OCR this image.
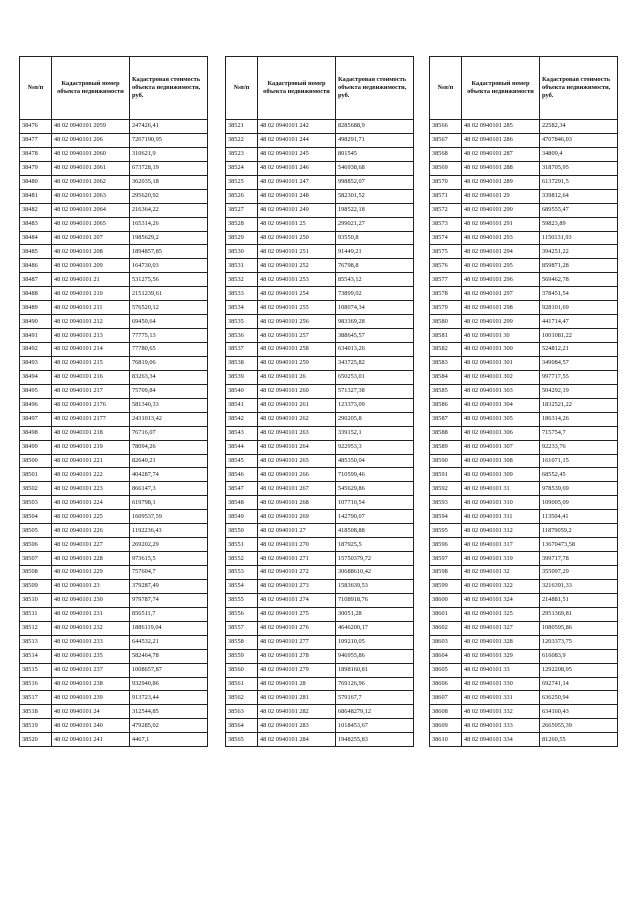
№п/п	Кадастровый номер объекта недвижимости	Кадастровая стоимость объекта недвижимости, руб.
38476	48 02 0940101 2059	247426,41
38477	48 02 0940101 206	7207190,95
38478	48 02 0940101 2060	310621,9
38479	48 02 0940101 2061	673728,19
38480	48 02 0940101 2062	362035,18
38481	48 02 0940101 2063	295620,92
38482	48 02 0940101 2064	216364,22
38483	48 02 0940101 2065	165314,26
38484	48 02 0940101 207	1985629,2
38485	48 02 0940101 208	1894857,85
38486	48 02 0940101 209	164730,03
38487	48 02 0940101 21	531275,56
38488	48 02 0940101 210	2151239,61
38489	48 02 0940101 211	576520,12
38490	48 02 0940101 212	69450,64
38491	48 02 0940101 213	77775,13
38492	48 02 0940101 214	77780,65
38493	48 02 0940101 215	76819,06
38494	48 02 0940101 216	83263,34
38495	48 02 0940101 217	75709,84
38496	48 02 0940101 2176	581340,33
38497	48 02 0940101 2177	2431013,42
38498	48 02 0940101 218	76716,07
38499	48 02 0940101 219	78094,26
38500	48 02 0940101 221	82640,21
38501	48 02 0940101 222	404287,74
38502	48 02 0940101 223	866147,3
38503	48 02 0940101 224	619798,1
38504	48 02 0940101 225	1609537,59
38505	48 02 0940101 226	1192236,43
38506	48 02 0940101 227	269202,29
38507	48 02 0940101 228	973615,5
38508	48 02 0940101 229	757604,7
38509	48 02 0940101 23	379287,49
38510	48 02 0940101 230	979787,74
38511	48 02 0940101 231	856511,7
38512	48 02 0940101 232	1886119,04
38513	48 02 0940101 233	644532,21
38514	48 02 0940101 235	582464,78
38515	48 02 0940101 237	1008657,87
38516	48 02 0940101 238	932940,86
38517	48 02 0940101 239	913723,44
38518	48 02 0940101 24	312544,85
38519	48 02 0940101 240	479285,02
38520	48 02 0940101 241	4467,1
№п/п	Кадастровый номер объекта недвижимости	Кадастровая стоимость объекта недвижимости, руб.
38521	48 02 0940101 242	8285688,9
38522	48 02 0940101 244	498291,71
38523	48 02 0940101 245	801545
38524	48 02 0940101 246	546938,68
38525	48 02 0940101 247	998852,07
38526	48 02 0940101 248	582301,52
38527	48 02 0940101 249	198522,18
38528	48 02 0940101 25	299021,27
38529	48 02 0940101 250	93550,8
38530	48 02 0940101 251	91449,21
38531	48 02 0940101 252	76798,8
38532	48 02 0940101 253	85543,12
38533	48 02 0940101 254	73899,02
38534	48 02 0940101 255	108074,34
38535	48 02 0940101 256	983369,28
38536	48 02 0940101 257	388645,57
38537	48 02 0940101 258	634013,26
38538	48 02 0940101 259	343725,82
38539	48 02 0940101 26	650253,01
38540	48 02 0940101 260	571327,38
38541	48 02 0940101 261	123373,09
38542	48 02 0940101 262	290205,8
38543	48 02 0940101 263	339152,1
38544	48 02 0940101 264	922953,3
38545	48 02 0940101 265	485350,04
38546	48 02 0940101 266	710599,46
38547	48 02 0940101 267	545629,86
38548	48 02 0940101 268	107710,54
38549	48 02 0940101 269	142790,07
38550	48 02 0940101 27	418508,88
38551	48 02 0940101 270	187925,5
38552	48 02 0940101 271	15750379,72
38553	48 02 0940101 272	30688610,42
38554	48 02 0940101 273	1583639,53
38555	48 02 0940101 274	7108918,76
38556	48 02 0940101 275	30051,28
38557	48 02 0940101 276	4646200,17
38558	48 02 0940101 277	109210,05
38559	48 02 0940101 278	946955,86
38560	48 02 0940101 279	1898160,81
38561	48 02 0940101 28	769126,96
38562	48 02 0940101 281	579167,7
38563	48 02 0940101 282	68648279,12
38564	48 02 0940101 283	1018453,67
38565	48 02 0940101 284	1948255,83
№п/п	Кадастровый номер объекта недвижимости	Кадастровая стоимость объекта недвижимости, руб.
38566	48 02 0940101 285	22582,34
38567	48 02 0940101 286	4707846,03
38568	48 02 0940101 287	34809,4
38569	48 02 0940101 288	318705,95
38570	48 02 0940101 289	6137291,5
38571	48 02 0940101 29	339812,64
38572	48 02 0940101 290	689555,47
38573	48 02 0940101 291	59823,89
38574	48 02 0940101 293	1150131,93
38575	48 02 0940101 294	394251,22
38576	48 02 0940101 295	859871,28
38577	48 02 0940101 296	569462,78
38578	48 02 0940101 297	378451,54
38579	48 02 0940101 298	928101,69
38580	48 02 0940101 299	441714,47
38581	48 02 0940101 30	1001081,22
38582	48 02 0940101 300	524812,21
38583	48 02 0940101 301	349084,57
38584	48 02 0940101 302	997717,55
38585	48 02 0940101 303	504292,19
38586	48 02 0940101 304	1832521,22
38587	48 02 0940101 305	186314,26
38588	48 02 0940101 306	715754,7
38589	48 02 0940101 307	92233,76
38590	48 02 0940101 308	161071,15
38591	48 02 0940101 309	68552,45
38592	48 02 0940101 31	978539,69
38593	48 02 0940101 310	109005,09
38594	48 02 0940101 311	113504,41
38595	48 02 0940101 312	11879059,2
38596	48 02 0940101 317	13670473,58
38597	48 02 0940101 319	399717,78
38598	48 02 0940101 32	355097,29
38599	48 02 0940101 322	3216391,33
38600	48 02 0940101 324	214881,51
38601	48 02 0940101 325	2951369,81
38602	48 02 0940101 327	1080595,86
38603	48 02 0940101 328	1203373,75
38604	48 02 0940101 329	616083,9
38605	48 02 0940101 33	1292208,95
38606	48 02 0940101 330	692741,14
38607	48 02 0940101 331	636250,94
38608	48 02 0940101 332	634160,43
38609	48 02 0940101 333	2665955,39
38610	48 02 0940101 334	81260,55
